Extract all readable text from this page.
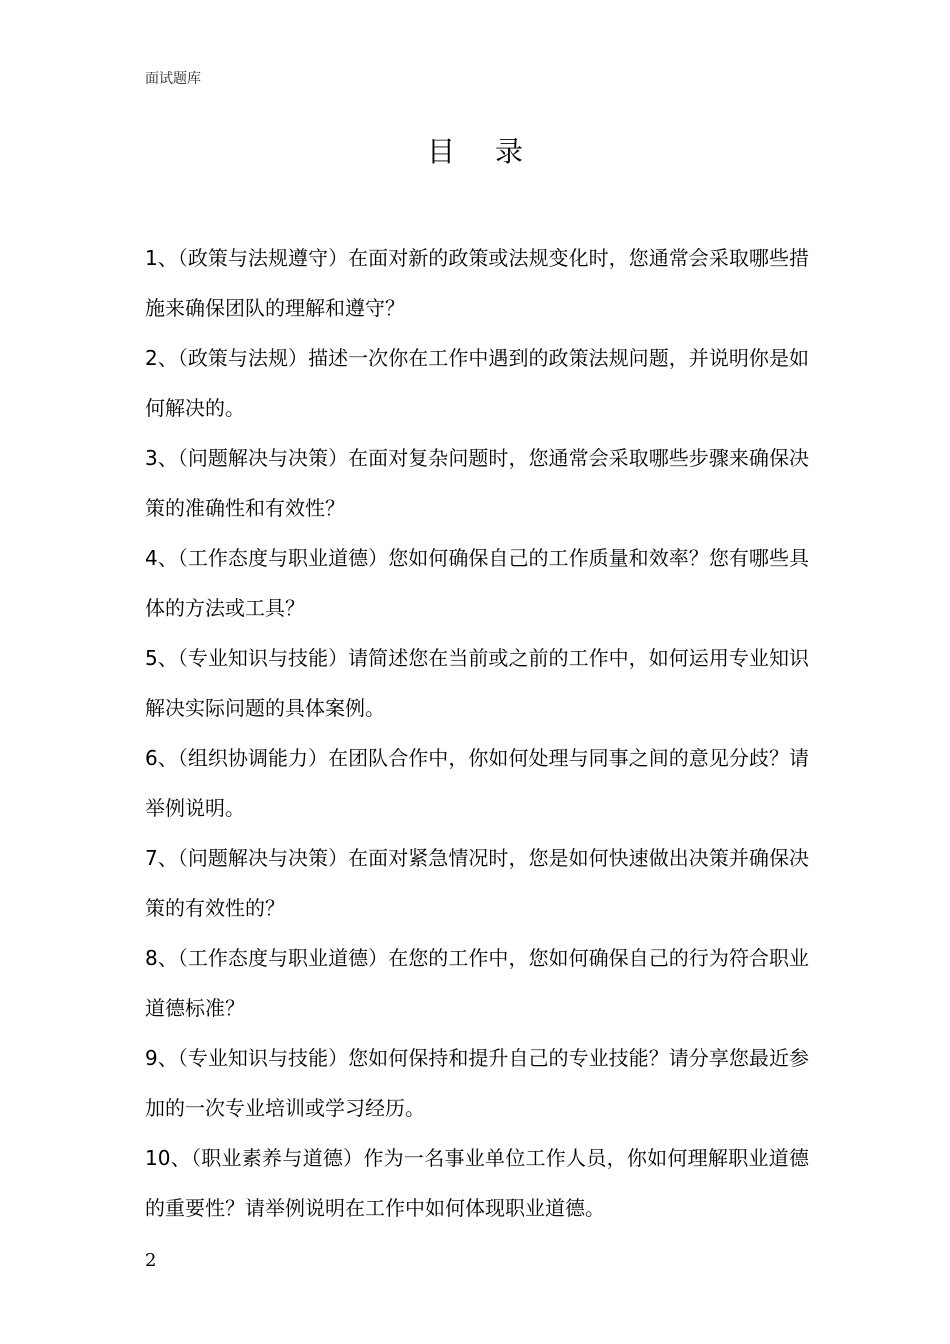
面试题库
目录
1、（政策与法规遵守）在面对新的政策或法规变化时，您通常会采取哪些措施来确保团队的理解和遵守？
2、（政策与法规）描述一次你在工作中遇到的政策法规问题，并说明你是如何解决的。
3、（问题解决与决策）在面对复杂问题时，您通常会采取哪些步骤来确保决策的准确性和有效性？
4、（工作态度与职业道德）您如何确保自己的工作质量和效率？您有哪些具体的方法或工具？
5、（专业知识与技能）请简述您在当前或之前的工作中，如何运用专业知识解决实际问题的具体案例。
6、（组织协调能力）在团队合作中，你如何处理与同事之间的意见分歧？请举例说明。
7、（问题解决与决策）在面对紧急情况时，您是如何快速做出决策并确保决策的有效性的？
8、（工作态度与职业道德）在您的工作中，您如何确保自己的行为符合职业道德标准？
9、（专业知识与技能）您如何保持和提升自己的专业技能？请分享您最近参加的一次专业培训或学习经历。
10、（职业素养与道德）作为一名事业单位工作人员，你如何理解职业道德的重要性？请举例说明在工作中如何体现职业道德。
2
